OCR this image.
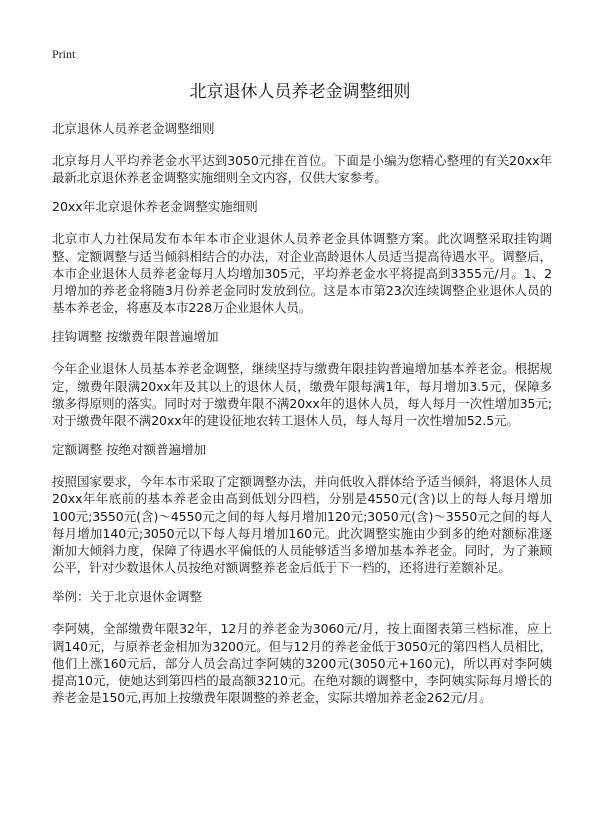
Print
北京退休人员养老金调整细则

北京退休人员养老金调整细则

北京每月人平均养老金水平达到3050元排在首位。下面是小编为您精心整理的有关20xx年最新北京退休养老金调整实施细则全文内容，仅供大家参考。

20xx年北京退休养老金调整实施细则

北京市人力社保局发布本年本市企业退休人员养老金具体调整方案。此次调整采取挂钩调整、定额调整与适当倾斜相结合的办法，对企业高龄退休人员适当提高待遇水平。调整后，本市企业退休人员养老金每月人均增加305元，平均养老金水平将提高到3355元/月。1、2月增加的养老金将随3月份养老金同时发放到位。这是本市第23次连续调整企业退休人员的基本养老金，将惠及本市228万企业退休人员。

挂钩调整 按缴费年限普遍增加

今年企业退休人员基本养老金调整，继续坚持与缴费年限挂钩普遍增加基本养老金。根据规定，缴费年限满20xx年及其以上的退休人员，缴费年限每满1年，每月增加3.5元，保障多缴多得原则的落实。同时对于缴费年限不满20xx年的退休人员，每人每月一次性增加35元;对于缴费年限不满20xx年的建设征地农转工退休人员，每人每月一次性增加52.5元。

定额调整 按绝对额普遍增加

按照国家要求，今年本市采取了定额调整办法，并向低收入群体给予适当倾斜，将退休人员20xx年年底前的基本养老金由高到低划分四档，分别是4550元(含)以上的每人每月增加100元;3550元(含)～4550元之间的每人每月增加120元;3050元(含)～3550元之间的每人每月增加140元;3050元以下每人每月增加160元。此次调整实施由少到多的绝对额标准逐渐加大倾斜力度，保障了待遇水平偏低的人员能够适当多增加基本养老金。同时，为了兼顾公平，针对少数退休人员按绝对额调整养老金后低于下一档的，还将进行差额补足。

举例：关于北京退休金调整

李阿姨，全部缴费年限32年，12月的养老金为3060元/月，按上面图表第三档标准，应上调140元，与原养老金相加为3200元。但与12月的养老金低于3050元的第四档人员相比，他们上涨160元后，部分人员会高过李阿姨的3200元(3050元+160元)，所以再对李阿姨提高10元，使她达到第四档的最高额3210元。在绝对额的调整中，李阿姨实际每月增长的养老金是150元,再加上按缴费年限调整的养老金，实际共增加养老金262元/月。
